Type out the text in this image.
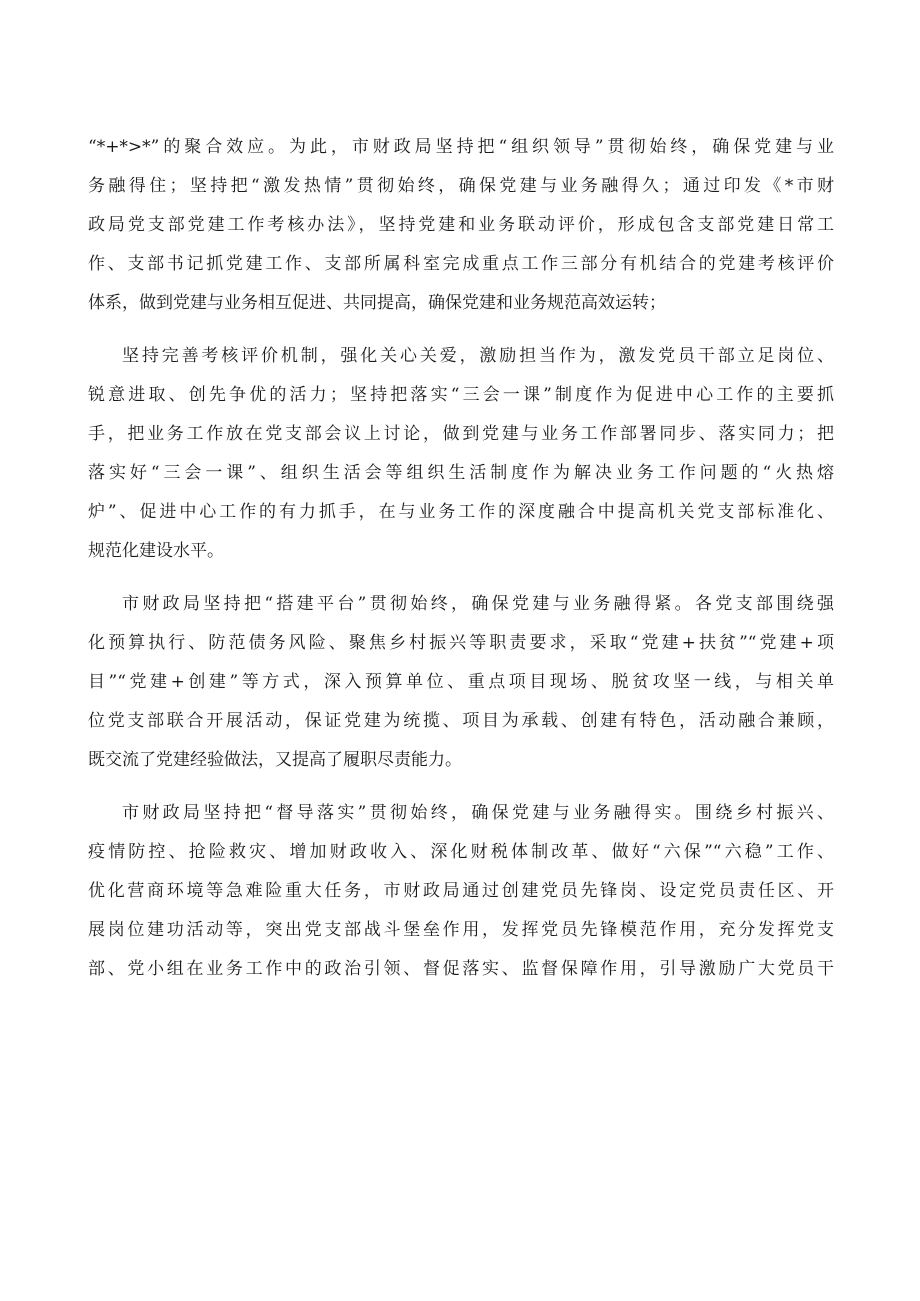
“*+*>*”的聚合效应。为此，市财政局坚持把“组织领导”贯彻始终，确保党建与业
务融得住；坚持把“激发热情”贯彻始终，确保党建与业务融得久；通过印发《*市财
政局党支部党建工作考核办法》，坚持党建和业务联动评价，形成包含支部党建日常工
作、支部书记抓党建工作、支部所属科室完成重点工作三部分有机结合的党建考核评价
体系，做到党建与业务相互促进、共同提高，确保党建和业务规范高效运转；
坚持完善考核评价机制，强化关心关爱，激励担当作为，激发党员干部立足岗位、
锐意进取、创先争优的活力；坚持把落实“三会一课”制度作为促进中心工作的主要抓
手，把业务工作放在党支部会议上讨论，做到党建与业务工作部署同步、落实同力；把
落实好“三会一课”、组织生活会等组织生活制度作为解决业务工作问题的“火热熔
炉”、促进中心工作的有力抓手，在与业务工作的深度融合中提高机关党支部标准化、
规范化建设水平。
市财政局坚持把“搭建平台”贯彻始终，确保党建与业务融得紧。各党支部围绕强
化预算执行、防范债务风险、聚焦乡村振兴等职责要求，采取“党建+扶贫”“党建+项
目”“党建+创建”等方式，深入预算单位、重点项目现场、脱贫攻坚一线，与相关单
位党支部联合开展活动，保证党建为统揽、项目为承载、创建有特色，活动融合兼顾，
既交流了党建经验做法，又提高了履职尽责能力。
市财政局坚持把“督导落实”贯彻始终，确保党建与业务融得实。围绕乡村振兴、
疫情防控、抢险救灾、增加财政收入、深化财税体制改革、做好“六保”“六稳”工作、
优化营商环境等急难险重大任务，市财政局通过创建党员先锋岗、设定党员责任区、开
展岗位建功活动等，突出党支部战斗堡垒作用，发挥党员先锋模范作用，充分发挥党支
部、党小组在业务工作中的政治引领、督促落实、监督保障作用，引导激励广大党员干
